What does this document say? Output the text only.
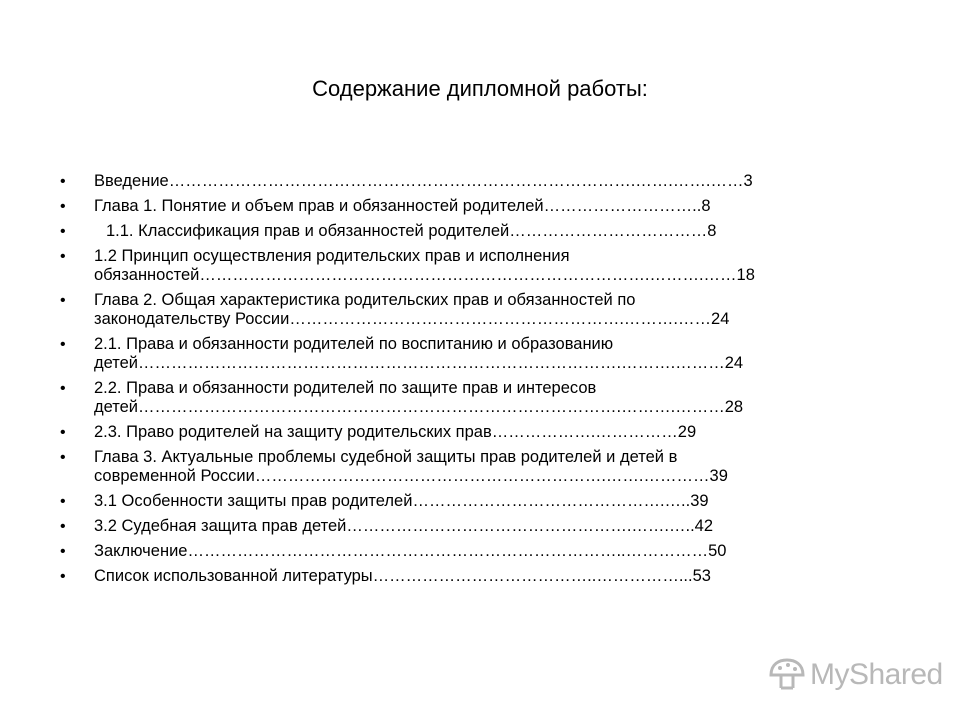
Содержание дипломной работы:
• Введение………………………………………………………………………….…….…….……3
• Глава 1. Понятие и объем прав и обязанностей родителей………………………..8
•	1.1. Классификация прав и обязанностей родителей………………………………8
• 1.2 Принцип осуществления родительских прав и исполнения
обязанностей……………………………………………………………………….……….……18
• Глава 2. Общая характеристика родительских прав и обязанностей по
законодательству России…………………………………………………….……….……24
• 2.1. Права и обязанности родителей по воспитанию и образованию
детей…………………………………………………………………………….……….………24
• 2.2. Права и обязанности родителей по защите прав и интересов
детей…………………………………………………………………………….……….………28
• 2.3. Право родителей на защиту родительских прав……………….……………29
• Глава 3. Актуальные проблемы судебной защиты прав родителей и детей в
современной России……………………………………………………….…….…………39
• 3.1 Особенности защиты прав родителей……………………………………….…..39
• 3.2 Судебная защита прав детей…………………………………………….…….…..42
• Заключение……………………………………………………………………..……………50
• Список использованной литературы…………………………………..……………...53
MyShared
